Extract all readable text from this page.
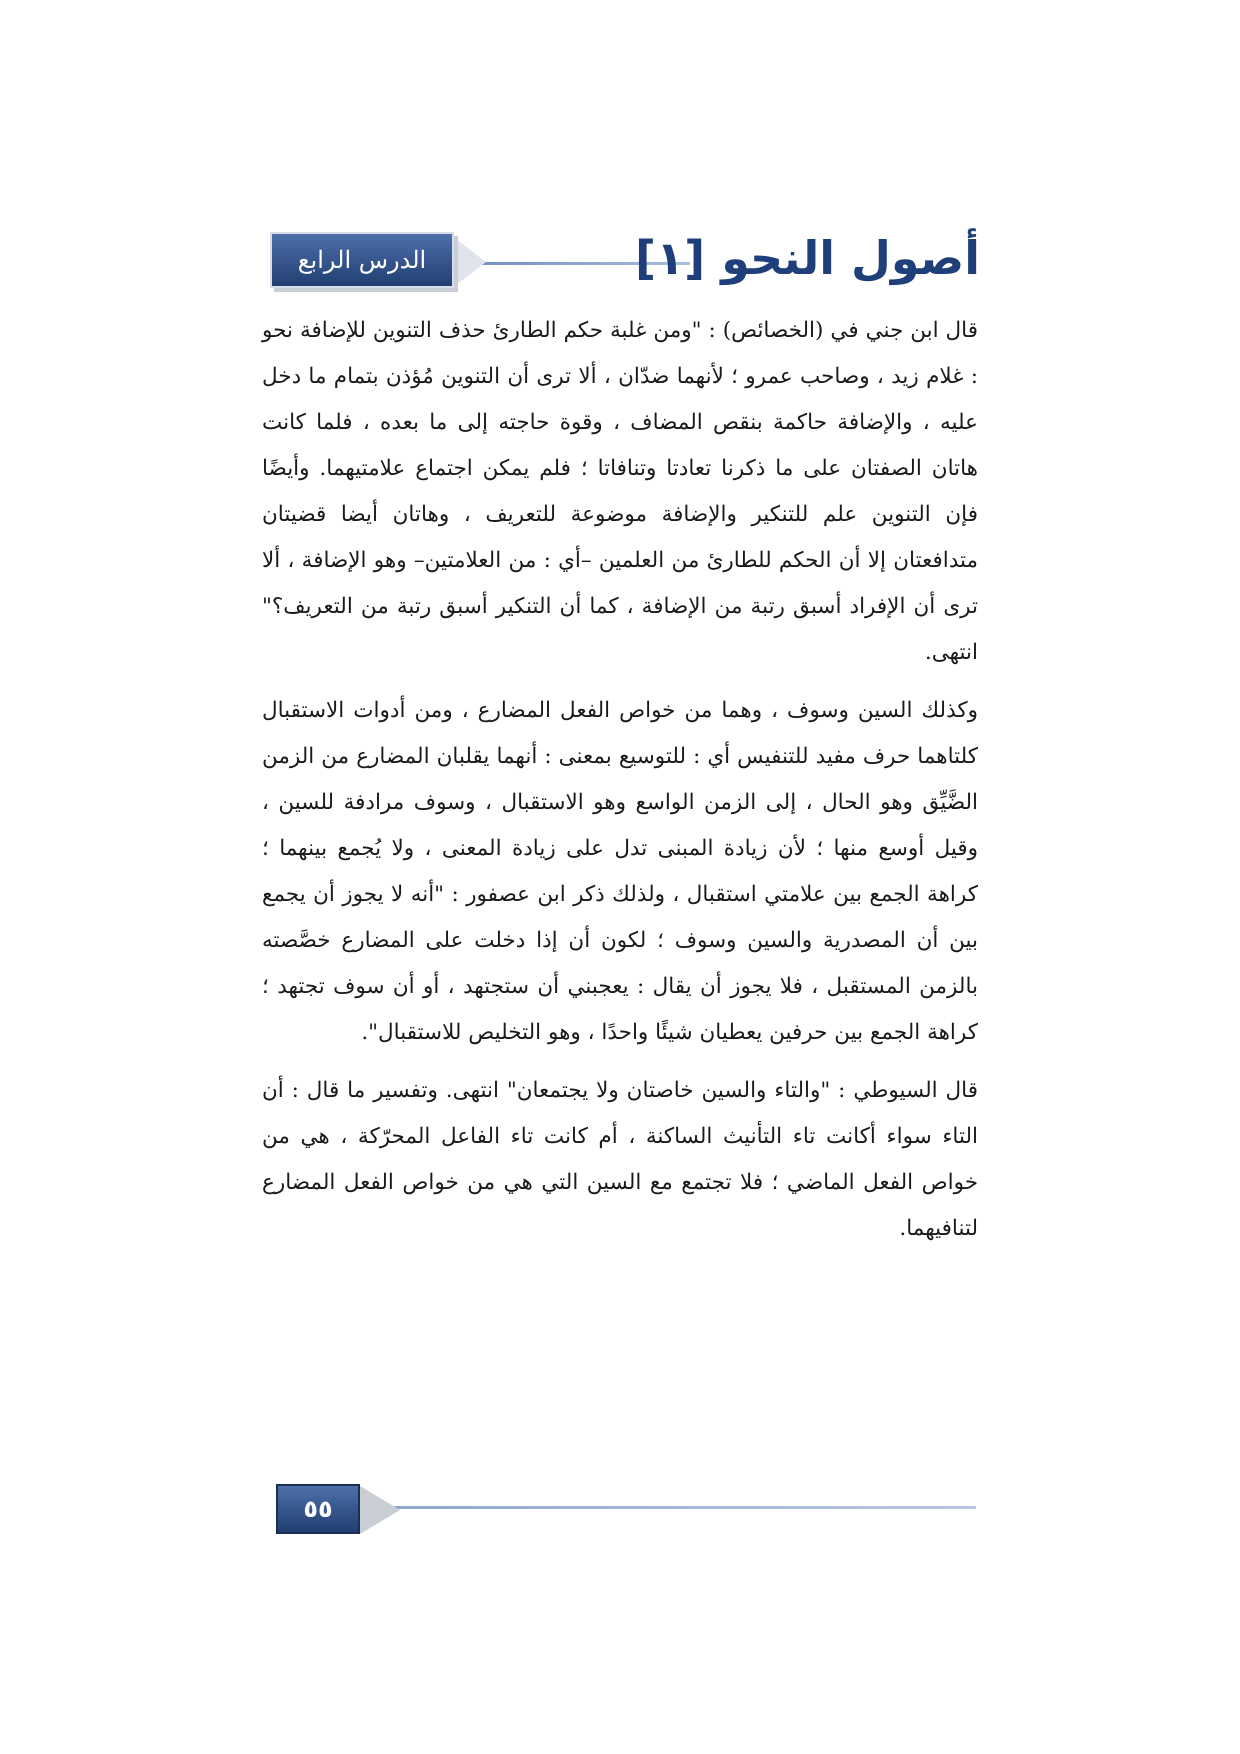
أصول النحو [١]
الدرس الرابع

قال ابن جني في (الخصائص) : "ومن غلبة حكم الطارئ حذف التنوين للإضافة نحو : غلام زيد ، وصاحب عمرو ؛ لأنهما ضدّان ، ألا ترى أن التنوين مُؤذن بتمام ما دخل عليه ، والإضافة حاكمة بنقص المضاف ، وقوة حاجته إلى ما بعده ، فلما كانت هاتان الصفتان على ما ذكرنا تعادتا وتنافاتا ؛ فلم يمكن اجتماع علامتيهما. وأيضًا فإن التنوين علم للتنكير والإضافة موضوعة للتعريف ، وهاتان أيضا قضيتان متدافعتان إلا أن الحكم للطارئ من العلمين –أي : من العلامتين– وهو الإضافة ، ألا ترى أن الإفراد أسبق رتبة من الإضافة ، كما أن التنكير أسبق رتبة من التعريف؟" انتهى.

وكذلك السين وسوف ، وهما من خواص الفعل المضارع ، ومن أدوات الاستقبال كلتاهما حرف مفيد للتنفيس أي : للتوسيع بمعنى : أنهما يقلبان المضارع من الزمن الضَّيِّق وهو الحال ، إلى الزمن الواسع وهو الاستقبال ، وسوف مرادفة للسين ، وقيل أوسع منها ؛ لأن زيادة المبنى تدل على زيادة المعنى ، ولا يُجمع بينهما ؛ كراهة الجمع بين علامتي استقبال ، ولذلك ذكر ابن عصفور : "أنه لا يجوز أن يجمع بين أن المصدرية والسين وسوف ؛ لكون أن إذا دخلت على المضارع خصَّصته بالزمن المستقبل ، فلا يجوز أن يقال : يعجبني أن ستجتهد ، أو أن سوف تجتهد ؛ كراهة الجمع بين حرفين يعطيان شيئًا واحدًا ، وهو التخليص للاستقبال".

قال السيوطي : "والتاء والسين خاصتان ولا يجتمعان" انتهى. وتفسير ما قال : أن التاء سواء أكانت تاء التأنيث الساكنة ، أم كانت تاء الفاعل المحرّكة ، هي من خواص الفعل الماضي ؛ فلا تجتمع مع السين التي هي من خواص الفعل المضارع لتنافيهما.

٥٥
